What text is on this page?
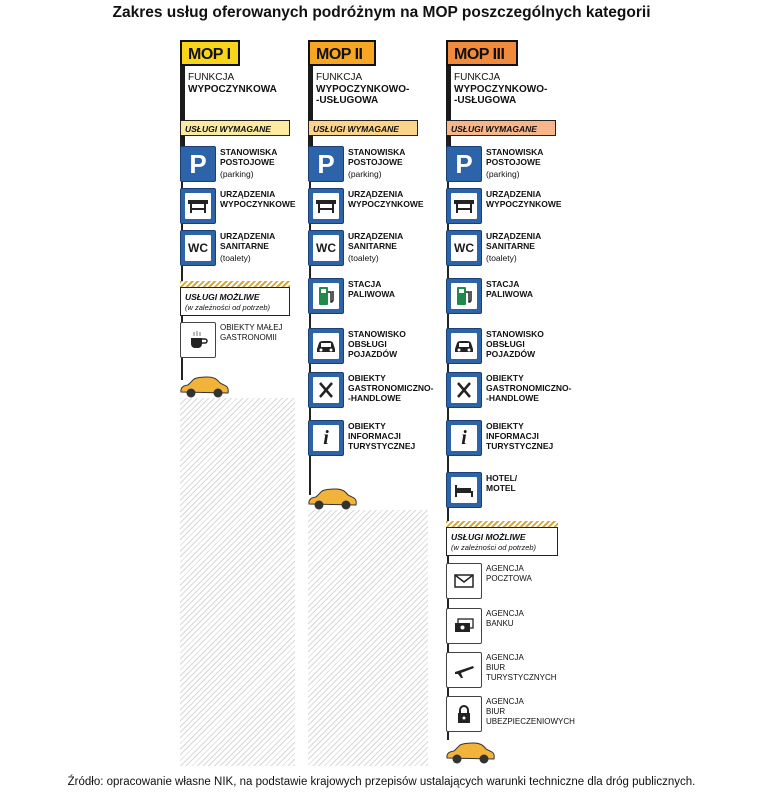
Zakres usług oferowanych podróżnym na MOP poszczególnych kategorii
MOP I
FUNKCJA
WYPOCZYNKOWA
USŁUGI WYMAGANE
P	STANOWISKA
POSTOJOWE
(parking)
URZĄDZENIA
WYPOCZYNKOWE
WC
URZĄDZENIA
SANITARNE
(toalety)
USŁUGI MOŻLIWE
(w zależności od potrzeb)
OBIEKTY MAŁEJ
GASTRONOMII
MOP II
FUNKCJA
WYPOCZYNKOWO-
-USŁUGOWA
USŁUGI WYMAGANE
P	STANOWISKA
POSTOJOWE
(parking)
URZĄDZENIA
WYPOCZYNKOWE
WC
URZĄDZENIA
SANITARNE
(toalety)
STACJA
PALIWOWA
STANOWISKO
OBSŁUGI
POJAZDÓW
OBIEKTY
GASTRONOMICZNO-
-HANDLOWE
i
OBIEKTY
INFORMACJI
TURYSTYCZNEJ
MOP III
FUNKCJA
WYPOCZYNKOWO-
-USŁUGOWA
USŁUGI WYMAGANE
P	STANOWISKA
POSTOJOWE
(parking)
URZĄDZENIA
WYPOCZYNKOWE
WC
URZĄDZENIA
SANITARNE
(toalety)
STACJA
PALIWOWA
STANOWISKO
OBSŁUGI
POJAZDÓW
OBIEKTY
GASTRONOMICZNO-
-HANDLOWE
i
OBIEKTY
INFORMACJI
TURYSTYCZNEJ
HOTEL/
MOTEL
USŁUGI MOŻLIWE
(w zależności od potrzeb)
AGENCJA
POCZTOWA
AGENCJA
BANKU
AGENCJA
BIUR
TURYSTYCZNYCH
AGENCJA
BIUR
UBEZPIECZENIOWYCH
Źródło: opracowanie własne NIK, na podstawie krajowych przepisów ustalających warunki techniczne dla dróg publicznych.
